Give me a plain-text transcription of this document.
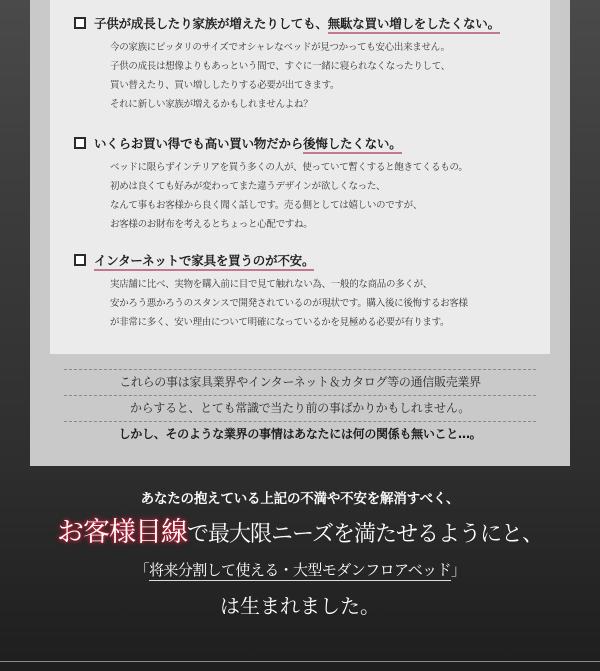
子供が成長したり家族が増えたりしても、無駄な買い増しをしたくない。
今の家族にピッタリのサイズでオシャレなベッドが見つかっても安心出来ません。
子供の成長は想像よりもあっという間で、すぐに一緒に寝られなくなったりして、
買い替えたり、買い増ししたりする必要が出てきます。
それに新しい家族が増えるかもしれませんよね？
いくらお買い得でも高い買い物だから後悔したくない。
ベッドに限らずインテリアを買う多くの人が、使っていて暫くすると飽きてくるもの。
初めは良くても好みが変わってまた違うデザインが欲しくなった、
なんて事もお客様から良く聞く話しです。売る側としては嬉しいのですが、
お客様のお財布を考えるとちょっと心配ですね。
インターネットで家具を買うのが不安。
実店舗に比べ、実物を購入前に目で見て触れない為、一般的な商品の多くが、
安かろう悪かろうのスタンスで開発されているのが現状です。購入後に後悔するお客様
が非常に多く、安い理由について明確になっているかを見極める必要が有ります。
これらの事は家具業界やインターネット＆カタログ等の通信販売業界
からすると、とても常識で当たり前の事ばかりかもしれません。
しかし、そのような業界の事情はあなたには何の関係も無いこと…。
あなたの抱えている上記の不満や不安を解消すべく、
お客様目線で最大限ニーズを満たせるようにと、
「将来分割して使える・大型モダンフロアベッド」
は生まれました。
